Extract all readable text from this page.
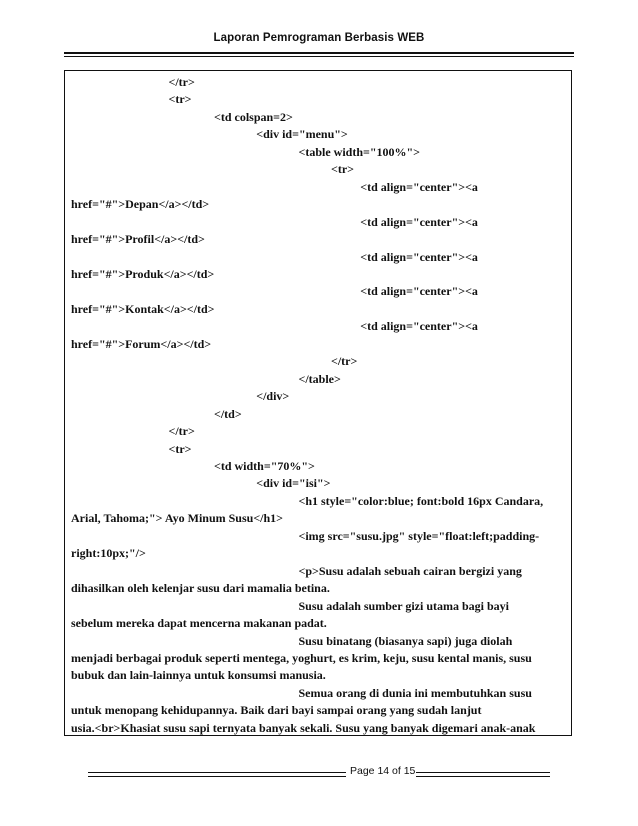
Laporan Pemrograman Berbasis WEB
</tr>
<tr>
<td colspan=2>
<div id="menu">
<table width="100%">
<tr>
<td align="center"><a
href="#">Depan</a></td>
<td align="center"><a
href="#">Profil</a></td>
<td align="center"><a
href="#">Produk</a></td>
<td align="center"><a
href="#">Kontak</a></td>
<td align="center"><a
href="#">Forum</a></td>
</tr>
</table>
</div>
</td>
</tr>
<tr>
<td width="70%">
<div id="isi">
<h1 style="color:blue; font:bold 16px Candara,
Arial, Tahoma;"> Ayo Minum Susu</h1>
<img src="susu.jpg" style="float:left;padding-
right:10px;"/>
<p>Susu adalah sebuah cairan bergizi yang
dihasilkan oleh kelenjar susu dari mamalia betina.
Susu adalah sumber gizi utama bagi bayi
sebelum mereka dapat mencerna makanan padat.
Susu binatang (biasanya sapi) juga diolah
menjadi berbagai produk seperti mentega, yoghurt, es krim, keju, susu kental manis, susu
bubuk dan lain-lainnya untuk konsumsi manusia.
Semua orang di dunia ini membutuhkan susu
untuk menopang kehidupannya. Baik dari bayi sampai orang yang sudah lanjut
usia.<br>Khasiat susu sapi ternyata banyak sekali. Susu yang banyak digemari anak-anak
Page 14 of 15
